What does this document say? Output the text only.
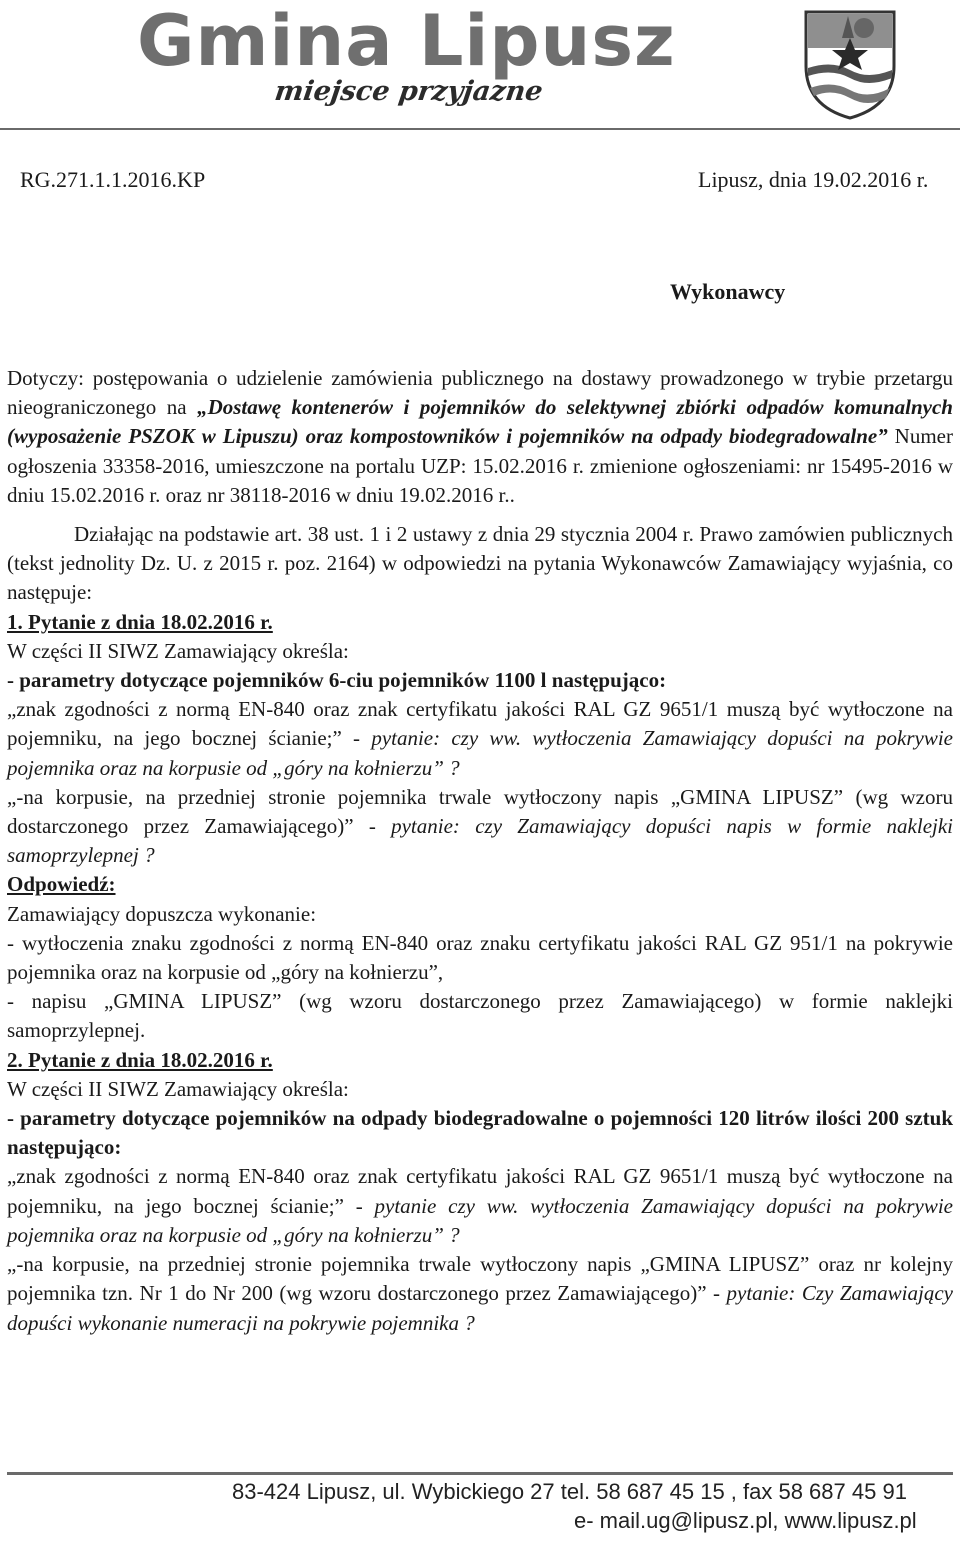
Gmina Lipusz
miejsce przyjazne
RG.271.1.1.2016.KP	Lipusz, dnia 19.02.2016 r.
Wykonawcy

Dotyczy: postępowania o udzielenie zamówienia publicznego na dostawy prowadzonego w trybie przetargu nieograniczonego na „Dostawę kontenerów i pojemników do selektywnej zbiórki odpadów komunalnych (wyposażenie PSZOK w Lipuszu) oraz kompostowników i pojemników na odpady biodegradowalne” Numer ogłoszenia 33358-2016, umieszczone na portalu UZP: 15.02.2016 r. zmienione ogłoszeniami: nr 15495-2016 w dniu 15.02.2016 r. oraz nr 38118-2016 w dniu 19.02.2016 r..

Działając na podstawie art. 38 ust. 1 i 2 ustawy z dnia 29 stycznia 2004 r. Prawo zamówien publicznych (tekst jednolity Dz. U. z 2015 r. poz. 2164) w odpowiedzi na pytania Wykonawców Zamawiający wyjaśnia, co następuje:

1. Pytanie z dnia 18.02.2016 r.

W części II SIWZ Zamawiający określa:

- parametry dotyczące pojemników 6-ciu pojemników 1100 l następująco:

„znak zgodności z normą EN-840 oraz znak certyfikatu jakości RAL GZ 9651/1 muszą być wytłoczone na pojemniku, na jego bocznej ścianie;” - pytanie: czy ww. wytłoczenia Zamawiający dopuści na pokrywie pojemnika oraz na korpusie od „góry na kołnierzu” ?

„-na korpusie, na przedniej stronie pojemnika trwale wytłoczony napis „GMINA LIPUSZ” (wg wzoru dostarczonego przez Zamawiającego)” - pytanie: czy Zamawiający dopuści napis w formie naklejki samoprzylepnej ?

Odpowiedź:

Zamawiający dopuszcza wykonanie:

- wytłoczenia znaku zgodności z normą EN-840 oraz znaku certyfikatu jakości RAL GZ 951/1 na pokrywie pojemnika oraz na korpusie od „góry na kołnierzu”,

- napisu „GMINA LIPUSZ” (wg wzoru dostarczonego przez Zamawiającego) w formie naklejki samoprzylepnej.

2. Pytanie z dnia 18.02.2016 r.

W części II SIWZ Zamawiający określa:

- parametry dotyczące pojemników na odpady biodegradowalne o pojemności 120 litrów ilości 200 sztuk następująco:

„znak zgodności z normą EN-840 oraz znak certyfikatu jakości RAL GZ 9651/1 muszą być wytłoczone na pojemniku, na jego bocznej ścianie;” - pytanie czy ww. wytłoczenia Zamawiający dopuści na pokrywie pojemnika oraz na korpusie od „góry na kołnierzu” ?

„-na korpusie, na przedniej stronie pojemnika trwale wytłoczony napis „GMINA LIPUSZ” oraz nr kolejny pojemnika tzn. Nr 1 do Nr 200 (wg wzoru dostarczonego przez Zamawiającego)” - pytanie: Czy Zamawiający dopuści wykonanie numeracji na pokrywie pojemnika ?

83-424 Lipusz, ul. Wybickiego 27 tel. 58 687 45 15 , fax 58 687 45 91
e- mail.ug@lipusz.pl, www.lipusz.pl
